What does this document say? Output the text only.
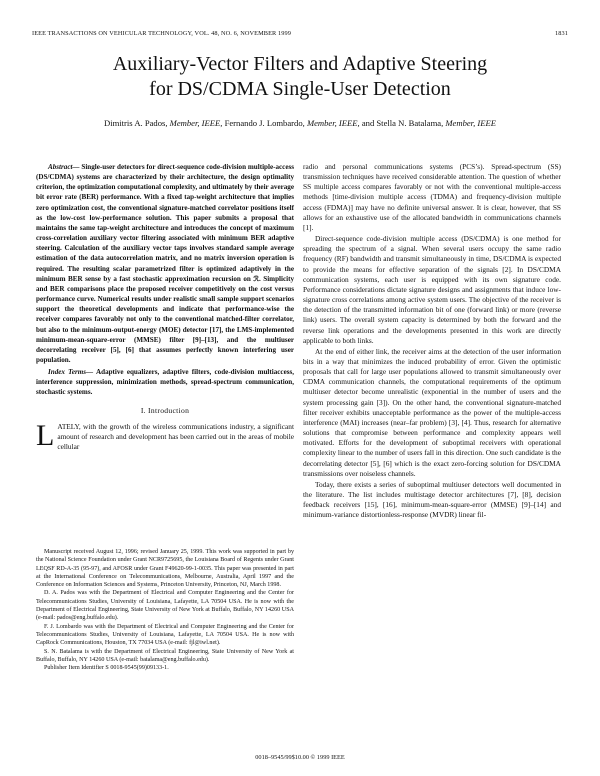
IEEE TRANSACTIONS ON VEHICULAR TECHNOLOGY, VOL. 48, NO. 6, NOVEMBER 1999	1831
Auxiliary-Vector Filters and Adaptive Steering
for DS/CDMA Single-User Detection
Dimitris A. Pados, Member, IEEE, Fernando J. Lombardo, Member, IEEE, and Stella N. Batalama, Member, IEEE

Abstract— Single-user detectors for direct-sequence code-division multiple-access (DS/CDMA) systems are characterized by their architecture, the design optimality criterion, the optimization computational complexity, and ultimately by their average bit error rate (BER) performance. With a fixed tap-weight architecture that implies zero optimization cost, the conventional signature-matched correlator positions itself as the low-cost low-performance solution. This paper submits a proposal that maintains the same tap-weight architecture and introduces the concept of maximum cross-correlation auxiliary vector filtering associated with minimum BER adaptive steering. Calculation of the auxiliary vector taps involves standard sample average estimation of the data autocorrelation matrix, and no matrix inversion operation is required. The resulting scalar parametrized filter is optimized adaptively in the minimum BER sense by a fast stochastic approximation recursion on ℛ. Simplicity and BER comparisons place the proposed receiver competitively on the cost versus performance curve. Numerical results under realistic small sample support scenarios support the theoretical developments and indicate that performance-wise the receiver compares favorably not only to the conventional matched-filter correlator, but also to the minimum-output-energy (MOE) detector [17], the LMS-implemented minimum-mean-square-error (MMSE) filter [9]–[13], and the multiuser decorrelating receiver [5], [6] that assumes perfectly known interfering user population.

Index Terms— Adaptive equalizers, adaptive filters, code-division multiaccess, interference suppression, minimization methods, spread-spectrum communication, stochastic systems.

I. Introduction

LATELY, with the growth of the wireless communications industry, a significant amount of research and development has been carried out in the areas of mobile cellular

Manuscript received August 12, 1996; revised January 25, 1999. This work was supported in part by the National Science Foundation under Grant NCR9725695, the Louisiana Board of Regents under Grant LEQSF RD-A-35 (95-97), and AFOSR under Grant F49620-99-1-0035. This paper was presented in part at the International Conference on Telecommunications, Melbourne, Australia, April 1997 and the Conference on Information Sciences and Systems, Princeton University, Princeton, NJ, March 1998.

D. A. Pados was with the Department of Electrical and Computer Engineering and the Center for Telecommunications Studies, University of Louisiana, Lafayette, LA 70504 USA. He is now with the Department of Electrical Engineering, State University of New York at Buffalo, Buffalo, NY 14260 USA (e-mail: pados@eng.buffalo.edu).

F. J. Lombardo was with the Department of Electrical and Computer Engineering and the Center for Telecommunications Studies, University of Louisiana, Lafayette, LA 70504 USA. He is now with CapRock Communications, Houston, TX 77034 USA (e-mail: fjl@iwl.net).

S. N. Batalama is with the Department of Electrical Engineering, State University of New York at Buffalo, Buffalo, NY 14260 USA (e-mail: batalama@eng.buffalo.edu).

Publisher Item Identifier S 0018-9545(99)09133-1.

radio and personal communications systems (PCS’s). Spread-spectrum (SS) transmission techniques have received considerable attention. The question of whether SS multiple access compares favorably or not with the conventional multiple-access methods [time-division multiple access (TDMA) and frequency-division multiple access (FDMA)] may have no definite universal answer. It is clear, however, that SS allows for an exhaustive use of the allocated bandwidth in communications channels [1].

Direct-sequence code-division multiple access (DS/CDMA) is one method for spreading the spectrum of a signal. When several users occupy the same radio frequency (RF) bandwidth and transmit simultaneously in time, DS/CDMA is expected to provide the means for effective separation of the signals [2]. In DS/CDMA communication systems, each user is equipped with its own signature code. Performance considerations dictate signature designs and assignments that induce low-signature cross correlations among active system users. The objective of the receiver is the detection of the transmitted information bit of one (forward link) or more (reverse link) users. The overall system capacity is determined by both the forward and the reverse link operations and the developments presented in this work are directly applicable to both links.

At the end of either link, the receiver aims at the detection of the user information bits in a way that minimizes the induced probability of error. Given the optimistic proposals that call for large user populations allowed to transmit simultaneously over CDMA communication channels, the computational requirements of the optimum multiuser detector become unrealistic (exponential in the number of users and the system processing gain [3]). On the other hand, the conventional signature-matched filter receiver exhibits unacceptable performance as the power of the multiple-access interference (MAI) increases (near–far problem) [3], [4]. Thus, research for alternative solutions that compromise between performance and complexity appears well motivated. Efforts for the development of suboptimal receivers with operational complexity linear to the number of users fall in this direction. One such candidate is the decorrelating detector [5], [6] which is the exact zero-forcing solution for DS/CDMA transmissions over noiseless channels.

Today, there exists a series of suboptimal multiuser detectors well documented in the literature. The list includes multistage detector architectures [7], [8], decision feedback receivers [15], [16], minimum-mean-square-error (MMSE) [9]–[14] and minimum-variance distortionless-response (MVDR) linear fil-

0018–9545/99$10.00 © 1999 IEEE
